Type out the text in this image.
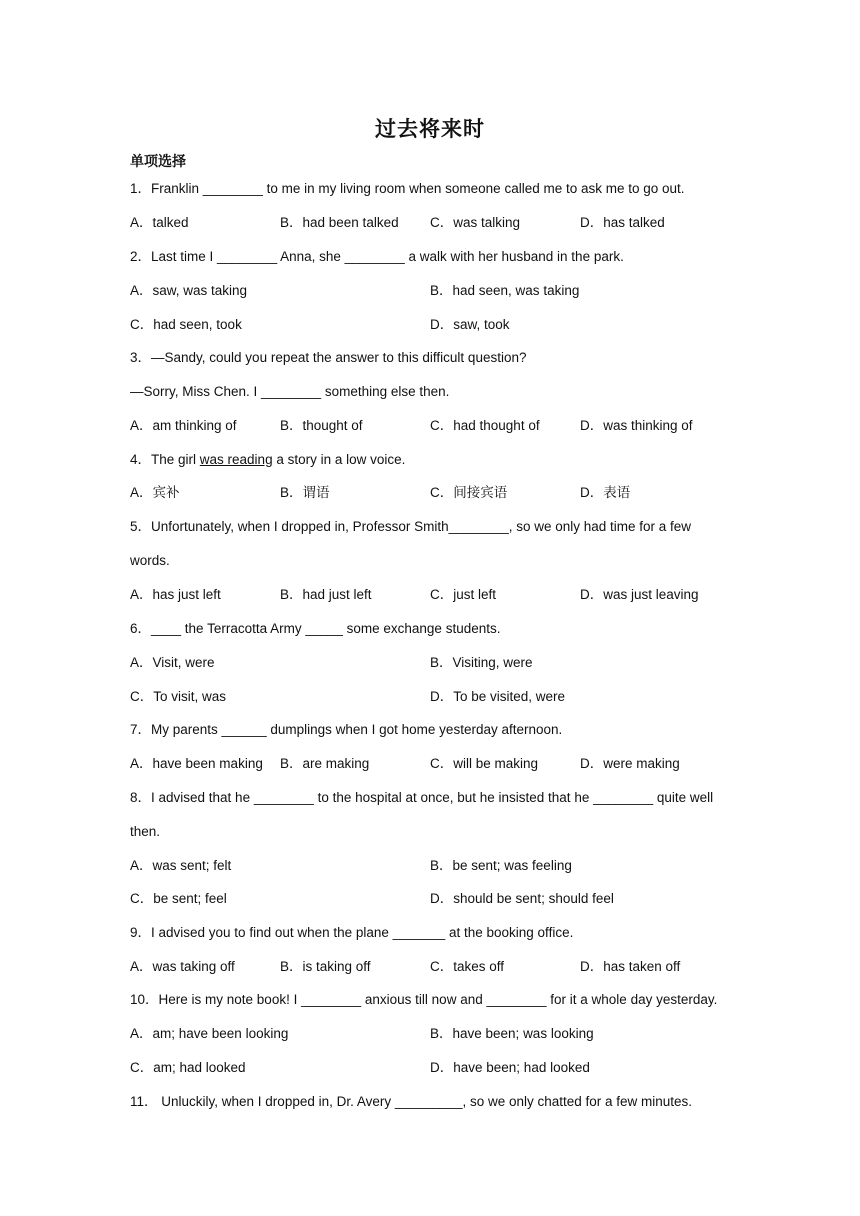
过去将来时
单项选择
1．Franklin ________ to me in my living room when someone called me to ask me to go out.
A．talked	B．had been talked C．was talking	D．has talked
2．Last time I ________ Anna, she ________ a walk with her husband in the park.
A．saw, was taking	B．had seen, was taking
C．had seen, took	D．saw, took
3．—Sandy, could you repeat the answer to this difficult question?
—Sorry, Miss Chen. I ________ something else then.
A．am thinking of	B．thought of	C．had thought of	D．was thinking of
4．The girl was reading a story in a low voice.
A．宾补	B．谓语	C．间接宾语	D．表语
5．Unfortunately, when I dropped in, Professor Smith________, so we only had time for a few
words.
A．has just left	B．had just left	C．just left	D．was just leaving
6．____ the Terracotta Army _____ some exchange students.
A．Visit, were	B．Visiting, were
C．To visit, was	D．To be visited, were
7．My parents ______ dumplings when I got home yesterday afternoon.
A．have been making B．are making	C．will be making	D．were making
8．I advised that he ________ to the hospital at once, but he insisted that he ________ quite well
then.
A．was sent; felt	B．be sent; was feeling
C．be sent; feel	D．should be sent; should feel
9．I advised you to find out when the plane _______ at the booking office.
A．was taking off	B．is taking off	C．takes off	D．has taken off
10．Here is my note book! I ________ anxious till now and ________ for it a whole day yesterday.
A．am; have been looking	B．have been; was looking
C．am; had looked	D．have been; had looked
11． Unluckily, when I dropped in, Dr. Avery _________, so we only chatted for a few minutes.
